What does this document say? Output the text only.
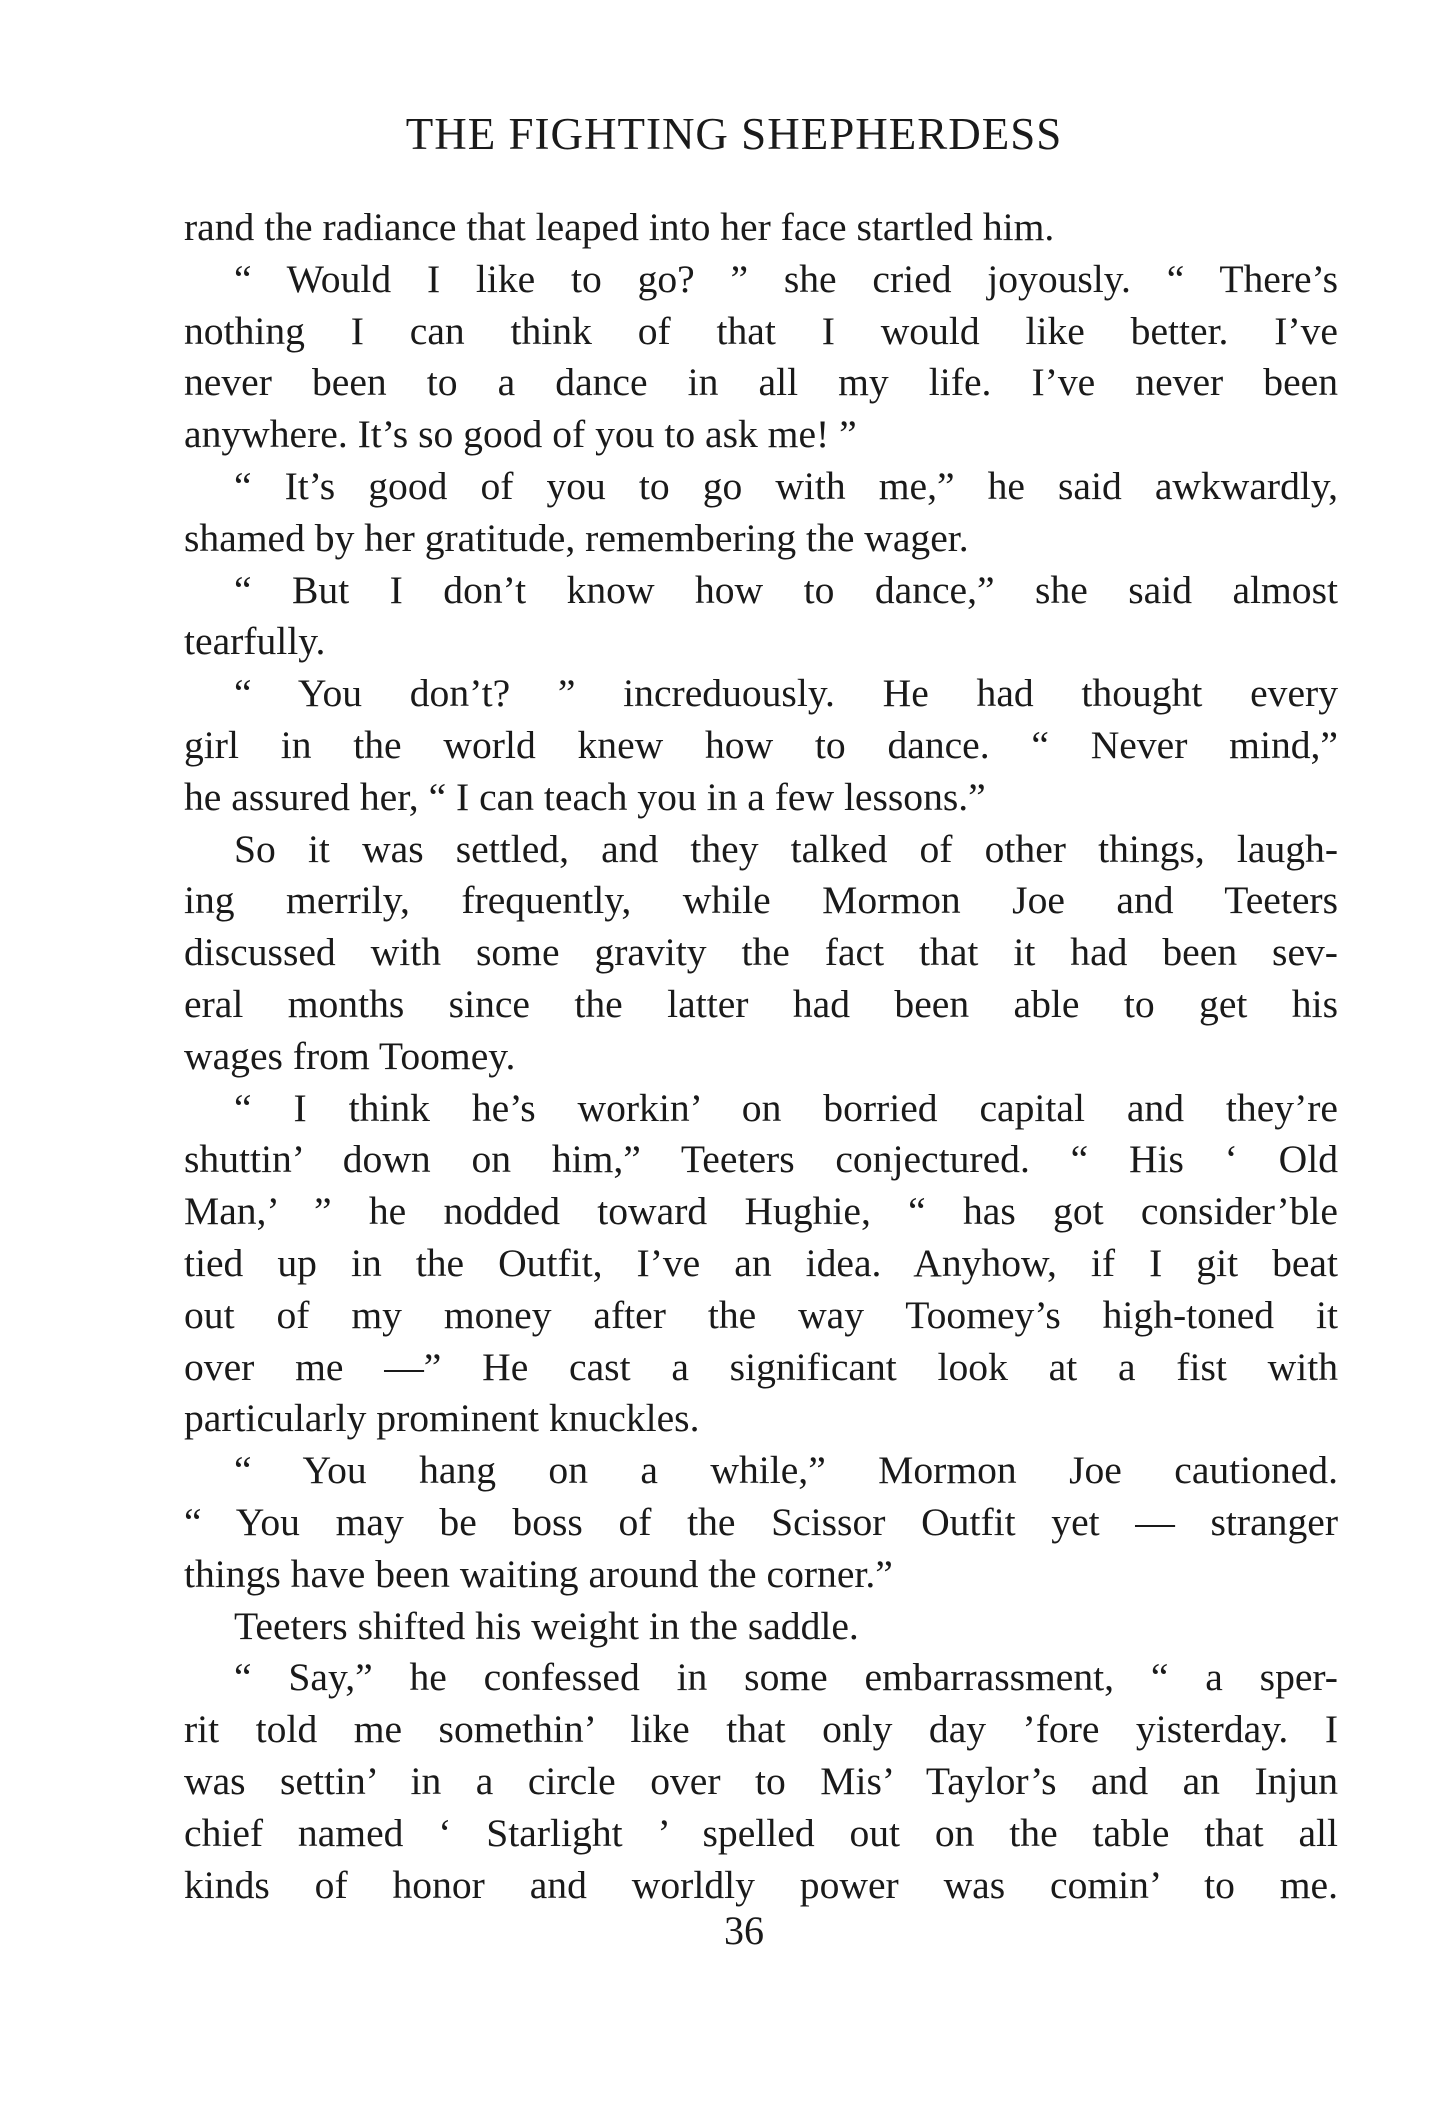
THE FIGHTING SHEPHERDESS
rand the radiance that leaped into her face startled him.
“ Would I like to go? ” she cried joyously. “ There’s
nothing I can think of that I would like better. I’ve
never been to a dance in all my life. I’ve never been
anywhere. It’s so good of you to ask me! ”
“ It’s good of you to go with me,” he said awkwardly,
shamed by her gratitude, remembering the wager.
“ But I don’t know how to dance,” she said almost
tearfully.
“ You don’t? ” increduously. He had thought every
girl in the world knew how to dance. “ Never mind,”
he assured her, “ I can teach you in a few lessons.”
So it was settled, and they talked of other things, laugh-
ing merrily, frequently, while Mormon Joe and Teeters
discussed with some gravity the fact that it had been sev-
eral months since the latter had been able to get his
wages from Toomey.
“ I think he’s workin’ on borried capital and they’re
shuttin’ down on him,” Teeters conjectured. “ His ‘ Old
Man,’ ” he nodded toward Hughie, “ has got consider’ble
tied up in the Outfit, I’ve an idea. Anyhow, if I git beat
out of my money after the way Toomey’s high-toned it
over me —” He cast a significant look at a fist with
particularly prominent knuckles.
“ You hang on a while,” Mormon Joe cautioned.
“ You may be boss of the Scissor Outfit yet — stranger
things have been waiting around the corner.”
Teeters shifted his weight in the saddle.
“ Say,” he confessed in some embarrassment, “ a sper-
rit told me somethin’ like that only day ’fore yisterday. I
was settin’ in a circle over to Mis’ Taylor’s and an Injun
chief named ‘ Starlight ’ spelled out on the table that all
kinds of honor and worldly power was comin’ to me.
36
